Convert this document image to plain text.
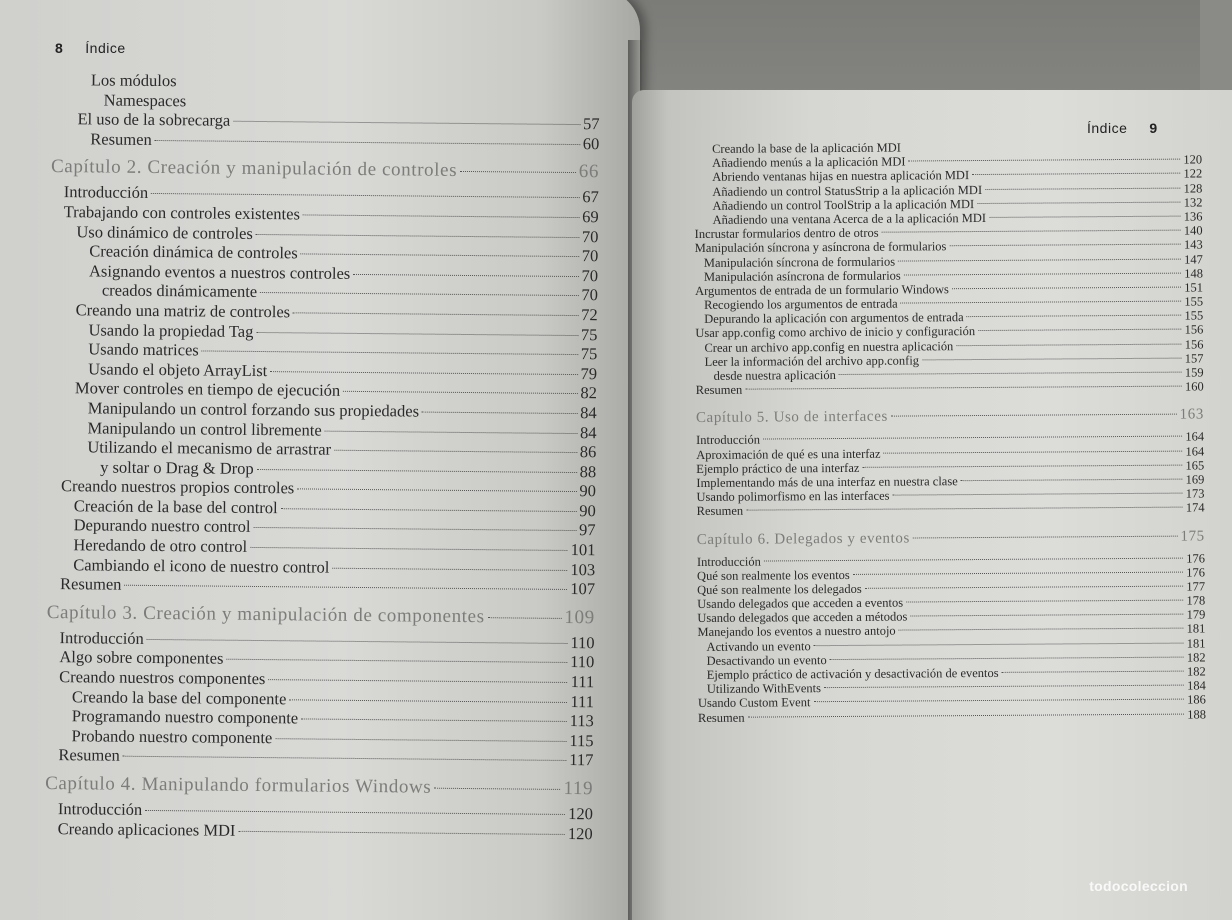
8 Índice
Los módulos
Namespaces
El uso de la sobrecarga	57
Resumen	60
Capítulo 2. Creación y manipulación de controles	66
Introducción	67
Trabajando con controles existentes	69
Uso dinámico de controles	70
Creación dinámica de controles	70
Asignando eventos a nuestros controles	70
creados dinámicamente	70
Creando una matriz de controles	72
Usando la propiedad Tag	75
Usando matrices	75
Usando el objeto ArrayList	79
Mover controles en tiempo de ejecución	82
Manipulando un control forzando sus propiedades	84
Manipulando un control libremente	84
Utilizando el mecanismo de arrastrar	86
y soltar o Drag & Drop	88
Creando nuestros propios controles	90
Creación de la base del control	90
Depurando nuestro control	97
Heredando de otro control	101
Cambiando el icono de nuestro control	103
Resumen	107
Capítulo 3. Creación y manipulación de componentes	109
Introducción	110
Algo sobre componentes	110
Creando nuestros componentes	111
Creando la base del componente	111
Programando nuestro componente	113
Probando nuestro componente	115
Resumen	117
Capítulo 4. Manipulando formularios Windows	119
Introducción	120
Creando aplicaciones MDI	120
Índice 9
Creando la base de la aplicación MDI
Añadiendo menús a la aplicación MDI	120
Abriendo ventanas hijas en nuestra aplicación MDI	122
Añadiendo un control StatusStrip a la aplicación MDI	128
Añadiendo un control ToolStrip a la aplicación MDI	132
Añadiendo una ventana Acerca de a la aplicación MDI	136
Incrustar formularios dentro de otros	140
Manipulación síncrona y asíncrona de formularios	143
Manipulación síncrona de formularios	147
Manipulación asíncrona de formularios	148
Argumentos de entrada de un formulario Windows	151
Recogiendo los argumentos de entrada	155
Depurando la aplicación con argumentos de entrada	155
Usar app.config como archivo de inicio y configuración	156
Crear un archivo app.config en nuestra aplicación	156
Leer la información del archivo app.config	157
desde nuestra aplicación	159
Resumen	160
Capítulo 5. Uso de interfaces	163
Introducción	164
Aproximación de qué es una interfaz	164
Ejemplo práctico de una interfaz	165
Implementando más de una interfaz en nuestra clase	169
Usando polimorfismo en las interfaces	173
Resumen	174
Capítulo 6. Delegados y eventos	175
Introducción	176
Qué son realmente los eventos	176
Qué son realmente los delegados	177
Usando delegados que acceden a eventos	178
Usando delegados que acceden a métodos	179
Manejando los eventos a nuestro antojo	181
Activando un evento	181
Desactivando un evento	182
Ejemplo práctico de activación y desactivación de eventos	182
Utilizando WithEvents	184
Usando Custom Event	186
Resumen	188
todocoleccion
